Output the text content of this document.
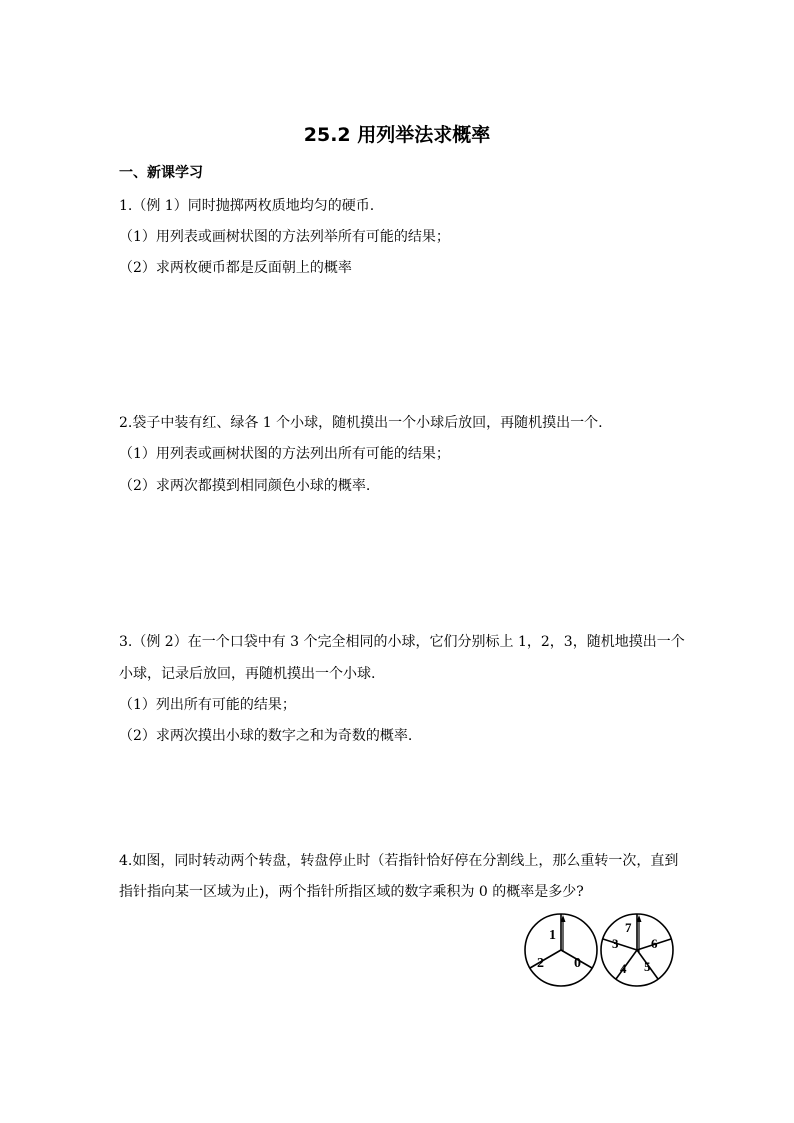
25.2 用列举法求概率
一、新课学习
1.（例 1）同时抛掷两枚质地均匀的硬币.
（1）用列表或画树状图的方法列举所有可能的结果；
（2）求两枚硬币都是反面朝上的概率
2.袋子中装有红、绿各 1 个小球，随机摸出一个小球后放回，再随机摸出一个.
（1）用列表或画树状图的方法列出所有可能的结果；
（2）求两次都摸到相同颜色小球的概率.
3.（例 2）在一个口袋中有 3 个完全相同的小球，它们分别标上 1，2，3，随机地摸出一个
小球，记录后放回，再随机摸出一个小球.
（1）列出所有可能的结果；
（2）求两次摸出小球的数字之和为奇数的概率.
4.如图，同时转动两个转盘，转盘停止时（若指针恰好停在分割线上，那么重转一次，直到
指针指向某一区域为止)，两个指针所指区域的数字乘积为 0 的概率是多少?
1
2 0
7
3	6
4 5
